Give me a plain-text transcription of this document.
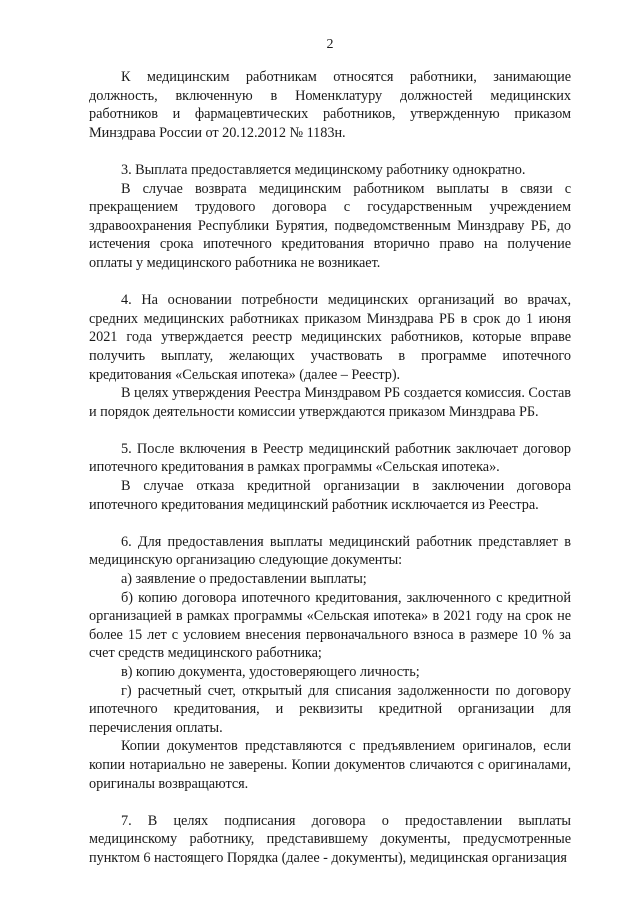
2

К медицинским работникам относятся работники, занимающие должность, включенную в Номенклатуру должностей медицинских работников и фармацевтических работников, утвержденную приказом Минздрава России от 20.12.2012 № 1183н.

3. Выплата предоставляется медицинскому работнику однократно.

В случае возврата медицинским работником выплаты в связи с прекращением трудового договора с государственным учреждением здравоохранения Республики Бурятия, подведомственным Минздраву РБ, до истечения срока ипотечного кредитования вторично право на получение оплаты у медицинского работника не возникает.

4. На основании потребности медицинских организаций во врачах, средних медицинских работниках приказом Минздрава РБ в срок до 1 июня 2021 года утверждается реестр медицинских работников, которые вправе получить выплату, желающих участвовать в программе ипотечного кредитования «Сельская ипотека» (далее – Реестр).

В целях утверждения Реестра Минздравом РБ создается комиссия. Состав и порядок деятельности комиссии утверждаются приказом Минздрава РБ.

5. После включения в Реестр медицинский работник заключает договор ипотечного кредитования в рамках программы «Сельская ипотека».

В случае отказа кредитной организации в заключении договора ипотечного кредитования медицинский работник исключается из Реестра.

6. Для предоставления выплаты медицинский работник представляет в медицинскую организацию следующие документы:

а) заявление о предоставлении выплаты;

б) копию договора ипотечного кредитования, заключенного с кредитной организацией в рамках программы «Сельская ипотека» в 2021 году на срок не более 15 лет с условием внесения первоначального взноса в размере 10 % за счет средств медицинского работника;

в) копию документа, удостоверяющего личность;

г) расчетный счет, открытый для списания задолженности по договору ипотечного кредитования, и реквизиты кредитной организации для перечисления оплаты.

Копии документов представляются с предъявлением оригиналов, если копии нотариально не заверены. Копии документов сличаются с оригиналами, оригиналы возвращаются.

7. В целях подписания договора о предоставлении выплаты медицинскому работнику, представившему документы, предусмотренные пунктом 6 настоящего Порядка (далее - документы), медицинская организация
